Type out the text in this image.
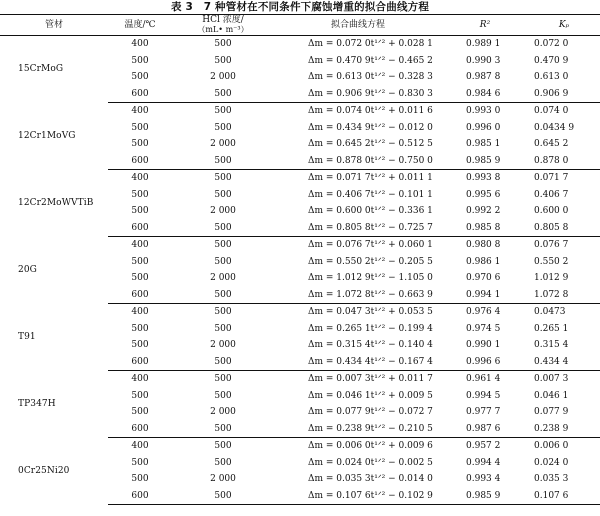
表 3　7 种管材在不同条件下腐蚀增重的拟合曲线方程
管材	温度/℃	HCl 浓度/
（mL• m⁻³）	拟合曲线方程	R²	Kₚ
15CrMoG	400	500	Δm = 0.072 0t¹ᐟ² + 0.028 1	0.989 1	0.072 0
	500	500	Δm = 0.470 9t¹ᐟ² − 0.465 2	0.990 3	0.470 9
	500	2 000	Δm = 0.613 0t¹ᐟ² − 0.328 3	0.987 8	0.613 0
	600	500	Δm = 0.906 9t¹ᐟ² − 0.830 3	0.984 6	0.906 9
12Cr1MoVG	400	500	Δm = 0.074 0t¹ᐟ² + 0.011 6	0.993 0	0.074 0
	500	500	Δm = 0.434 9t¹ᐟ² − 0.012 0	0.996 0	0.0434 9
	500	2 000	Δm = 0.645 2t¹ᐟ² − 0.512 5	0.985 1	0.645 2
	600	500	Δm = 0.878 0t¹ᐟ² − 0.750 0	0.985 9	0.878 0
12Cr2MoWVTiB	400	500	Δm = 0.071 7t¹ᐟ² + 0.011 1	0.993 8	0.071 7
	500	500	Δm = 0.406 7t¹ᐟ² − 0.101 1	0.995 6	0.406 7
	500	2 000	Δm = 0.600 0t¹ᐟ² − 0.336 1	0.992 2	0.600 0
	600	500	Δm = 0.805 8t¹ᐟ² − 0.725 7	0.985 8	0.805 8
20G	400	500	Δm = 0.076 7t¹ᐟ² + 0.060 1	0.980 8	0.076 7
	500	500	Δm = 0.550 2t¹ᐟ² − 0.205 5	0.986 1	0.550 2
	500	2 000	Δm = 1.012 9t¹ᐟ² − 1.105 0	0.970 6	1.012 9
	600	500	Δm = 1.072 8t¹ᐟ² − 0.663 9	0.994 1	1.072 8
T91	400	500	Δm = 0.047 3t¹ᐟ² + 0.053 5	0.976 4	0.0473
	500	500	Δm = 0.265 1t¹ᐟ² − 0.199 4	0.974 5	0.265 1
	500	2 000	Δm = 0.315 4t¹ᐟ² − 0.140 4	0.990 1	0.315 4
	600	500	Δm = 0.434 4t¹ᐟ² − 0.167 4	0.996 6	0.434 4
TP347H	400	500	Δm = 0.007 3t¹ᐟ² + 0.011 7	0.961 4	0.007 3
	500	500	Δm = 0.046 1t¹ᐟ² + 0.009 5	0.994 5	0.046 1
	500	2 000	Δm = 0.077 9t¹ᐟ² − 0.072 7	0.977 7	0.077 9
	600	500	Δm = 0.238 9t¹ᐟ² − 0.210 5	0.987 6	0.238 9
0Cr25Ni20	400	500	Δm = 0.006 0t¹ᐟ² + 0.009 6	0.957 2	0.006 0
	500	500	Δm = 0.024 0t¹ᐟ² − 0.002 5	0.994 4	0.024 0
	500	2 000	Δm = 0.035 3t¹ᐟ² − 0.014 0	0.993 4	0.035 3
	600	500	Δm = 0.107 6t¹ᐟ² − 0.102 9	0.985 9	0.107 6
